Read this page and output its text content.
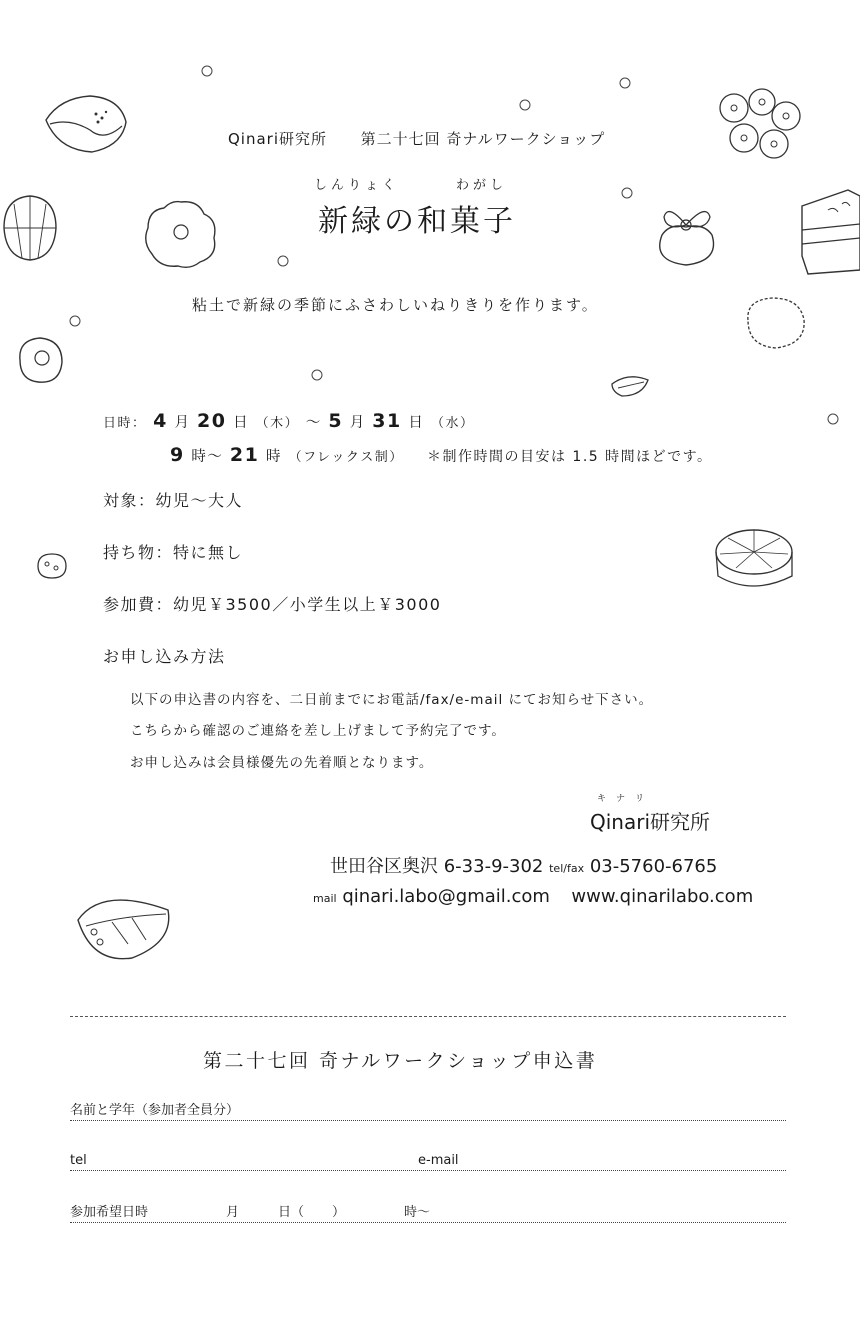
Qinari研究所 第二十七回 奇ナルワークショップ
しんりょく	わがし
新緑の和菓子
粘土で新緑の季節にふさわしいねりきりを作ります。
日時： 4 月 20 日 （木） ～ 5 月 31 日 （水）
9 時～ 21 時 （フレックス制） ＊制作時間の目安は 1.5 時間ほどです。
対象：幼児～大人
持ち物：特に無し
参加費：幼児￥3500／小学生以上￥3000
お申し込み方法
以下の申込書の内容を、二日前までにお電話/fax/e-mail にてお知らせ下さい。
こちらから確認のご連絡を差し上げまして予約完了です。
お申し込みは会員様優先の先着順となります。
キナリ
Qinari研究所
世田谷区奥沢 6-33-9-302 tel/fax 03-5760-6765
mail qinari.labo@gmail.com www.qinarilabo.com
第二十七回 奇ナルワークショップ申込書
名前と学年（参加者全員分）
tel	e-mail
参加希望日時	月	日（ ）	時～
